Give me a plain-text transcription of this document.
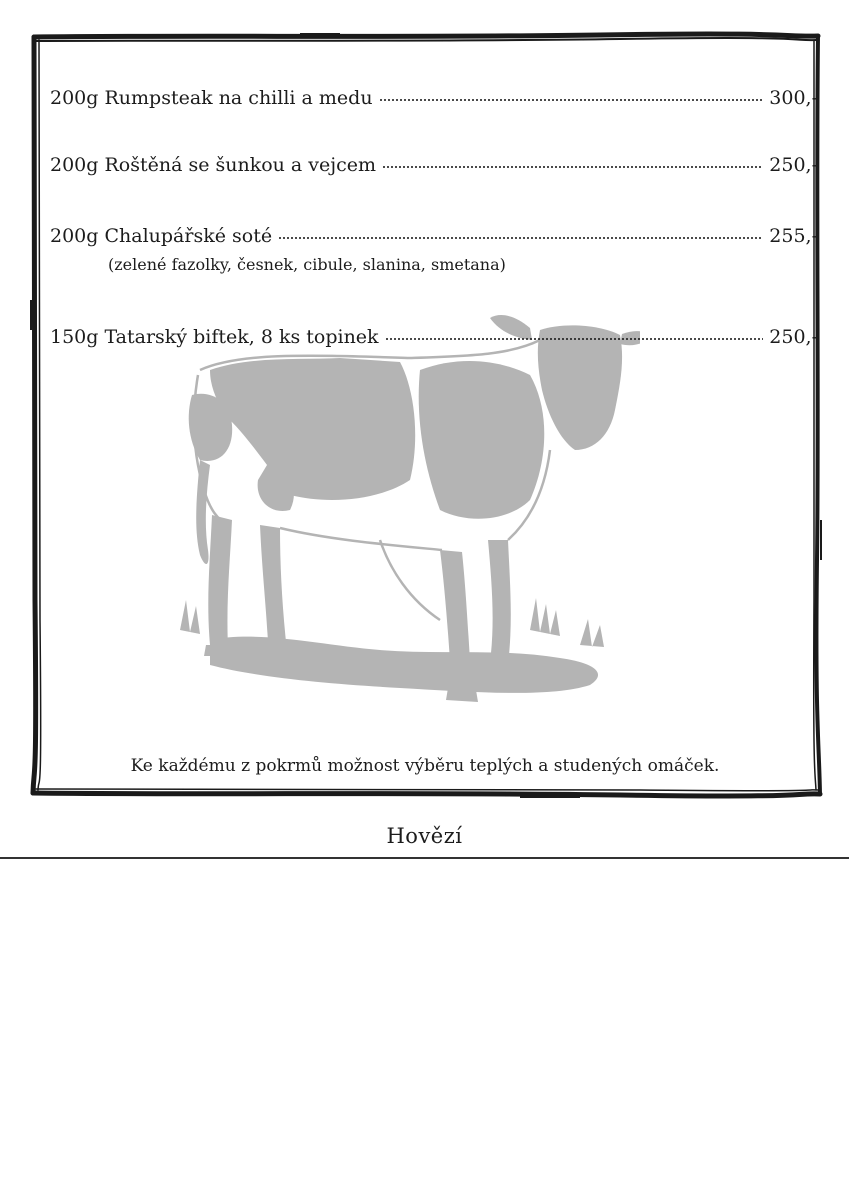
200g Rumpsteak na chilli a medu	300,-
200g Roštěná se šunkou a vejcem	250,-
200g Chalupářské soté	255,-
(zelené fazolky, česnek, cibule, slanina, smetana)
150g Tatarský biftek, 8 ks topinek	250,-
Ke každému z pokrmů možnost výběru teplých a studených omáček.
Hovězí
